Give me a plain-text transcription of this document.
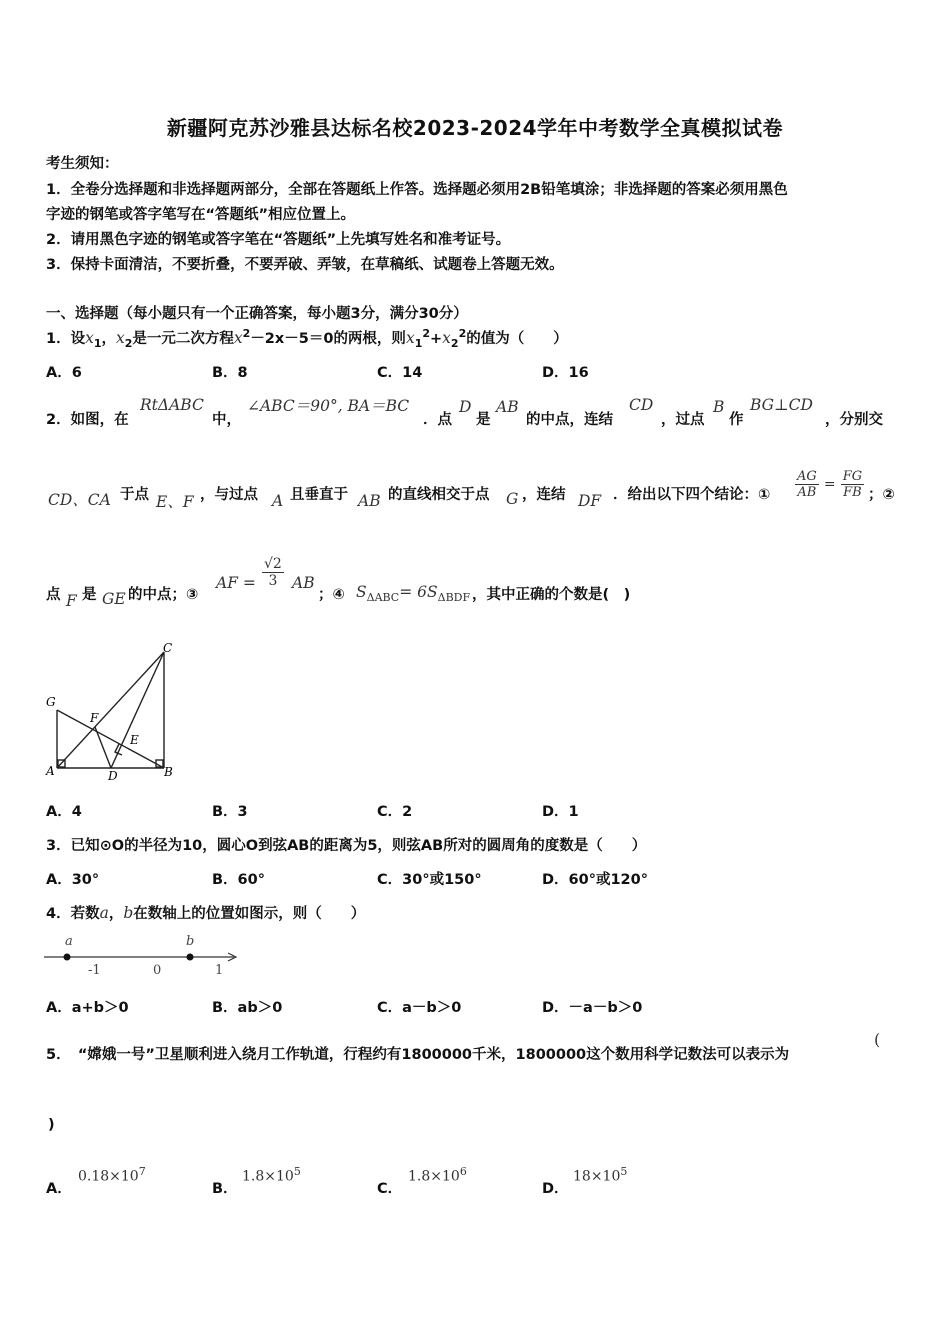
新疆阿克苏沙雅县达标名校2023-2024学年中考数学全真模拟试卷
考生须知：
1．全卷分选择题和非选择题两部分，全部在答题纸上作答。选择题必须用2B铅笔填涂；非选择题的答案必须用黑色
字迹的钢笔或答字笔写在“答题纸”相应位置上。
2．请用黑色字迹的钢笔或答字笔在“答题纸”上先填写姓名和准考证号。
3．保持卡面清洁，不要折叠，不要弄破、弄皱，在草稿纸、试题卷上答题无效。
一、选择题（每小题只有一个正确答案，每小题3分，满分30分）
1．设$x_1$，$x_2$是一元二次方程$x^2-2x-5=0$的两根，则$x_1^2+x_2^2$的值为（　　）
A．6	B．8	C．14	D．16
2．如图，在
RtΔABC
中，
∠ABC＝90°, BA＝BC
．点
D
是
AB
的中点，连结
CD
，过点
B
作
BG⊥CD
，分别交
CD、CA 于点 E、F ，与过点 A 且垂直于 AB 的直线相交于点 G ，连结 DF ．给出以下四个结论：① $\frac{AG}{AB} = \frac{FG}{FB}$ ；②
点 F 是 GE 的中点；③
AF = $\frac{√2}{3}$ AB
；④ $S_{\Delta ABC}= 6S_{\Delta BDF}$ ，其中正确的个数是(　)
C
G
F
E
A	D	B
A．4	B．3	C．2	D．1
3．已知⊙O的半径为10，圆心O到弦AB的距离为5，则弦AB所对的圆周角的度数是（　　）
A．30°	B．60°	C．30°或150°	D．60°或120°
4．若数a，b在数轴上的位置如图示，则（　　）
a	b
-1	0	1
A．a+b＞0	B．ab＞0	C．a－b＞0	D．－a－b＞0
5．　“嫦娥一号”卫星顺利进入绕月工作轨道，行程约有1800000千米，1800000这个数用科学记数法可以表示为
(
)
A．
$0.18\times 10^7$
B．
$1.8\times 10^5$
C．
$1.8\times 10^6$
D．
$18\times 10^5$
